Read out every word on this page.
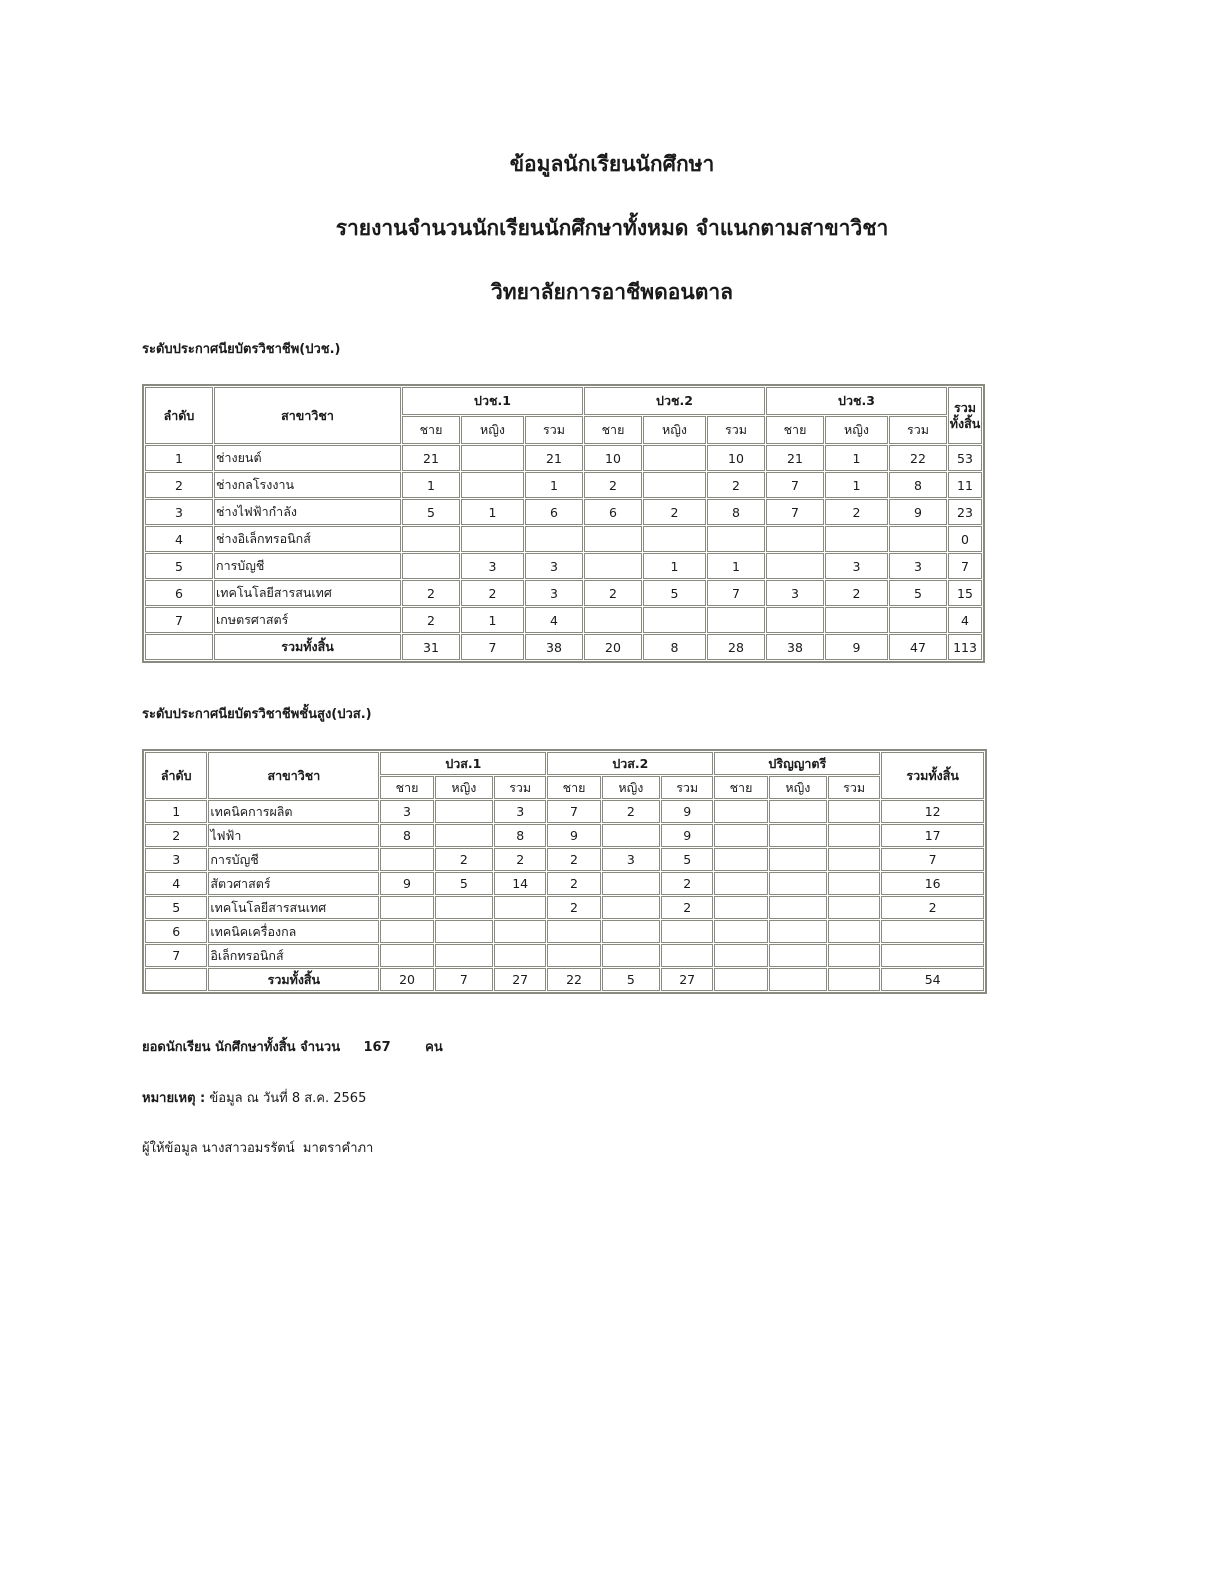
ข้อมูลนักเรียนนักศึกษา
รายงานจำนวนนักเรียนนักศึกษาทั้งหมด จำแนกตามสาขาวิชา
วิทยาลัยการอาชีพดอนตาล

ระดับประกาศนียบัตรวิชาชีพ(ปวช.)

ลำดับ	สาขาวิชา	ปวช.1			ปวช.2			ปวช.3			รวม ทั้งสิ้น
		ชาย	หญิง	รวม	ชาย	หญิง	รวม	ชาย	หญิง	รวม	
1	ช่างยนต์	21		21	10		10	21	1	22	53
2	ช่างกลโรงงาน	1		1	2		2	7	1	8	11
3	ช่างไฟฟ้ากำลัง	5	1	6	6	2	8	7	2	9	23
4	ช่างอิเล็กทรอนิกส์										0
5	การบัญชี		3	3		1	1		3	3	7
6	เทคโนโลยีสารสนเทศ	2	2	3	2	5	7	3	2	5	15
7	เกษตรศาสตร์	2	1	4							4
	รวมทั้งสิ้น	31	7	38	20	8	28	38	9	47	113

ระดับประกาศนียบัตรวิชาชีพชั้นสูง(ปวส.)

ลำดับ	สาขาวิชา	ปวส.1			ปวส.2			ปริญญาตรี			รวมทั้งสิ้น
		ชาย	หญิง	รวม	ชาย	หญิง	รวม	ชาย	หญิง	รวม	
1	เทคนิคการผลิต	3		3	7	2	9				12
2	ไฟฟ้า	8		8	9		9				17
3	การบัญชี		2	2	2	3	5				7
4	สัตวศาสตร์	9	5	14	2		2				16
5	เทคโนโลยีสารสนเทศ				2		2				2
6	เทคนิคเครื่องกล										
7	อิเล็กทรอนิกส์										
	รวมทั้งสิ้น	20	7	27	22	5	27				54

ยอดนักเรียน นักศึกษาทั้งสิ้น จำนวน 167	คน

หมายเหตุ : ข้อมูล ณ วันที่ 8 ส.ค. 2565

ผู้ให้ข้อมูล นางสาวอมรรัตน์  มาตราคำภา
